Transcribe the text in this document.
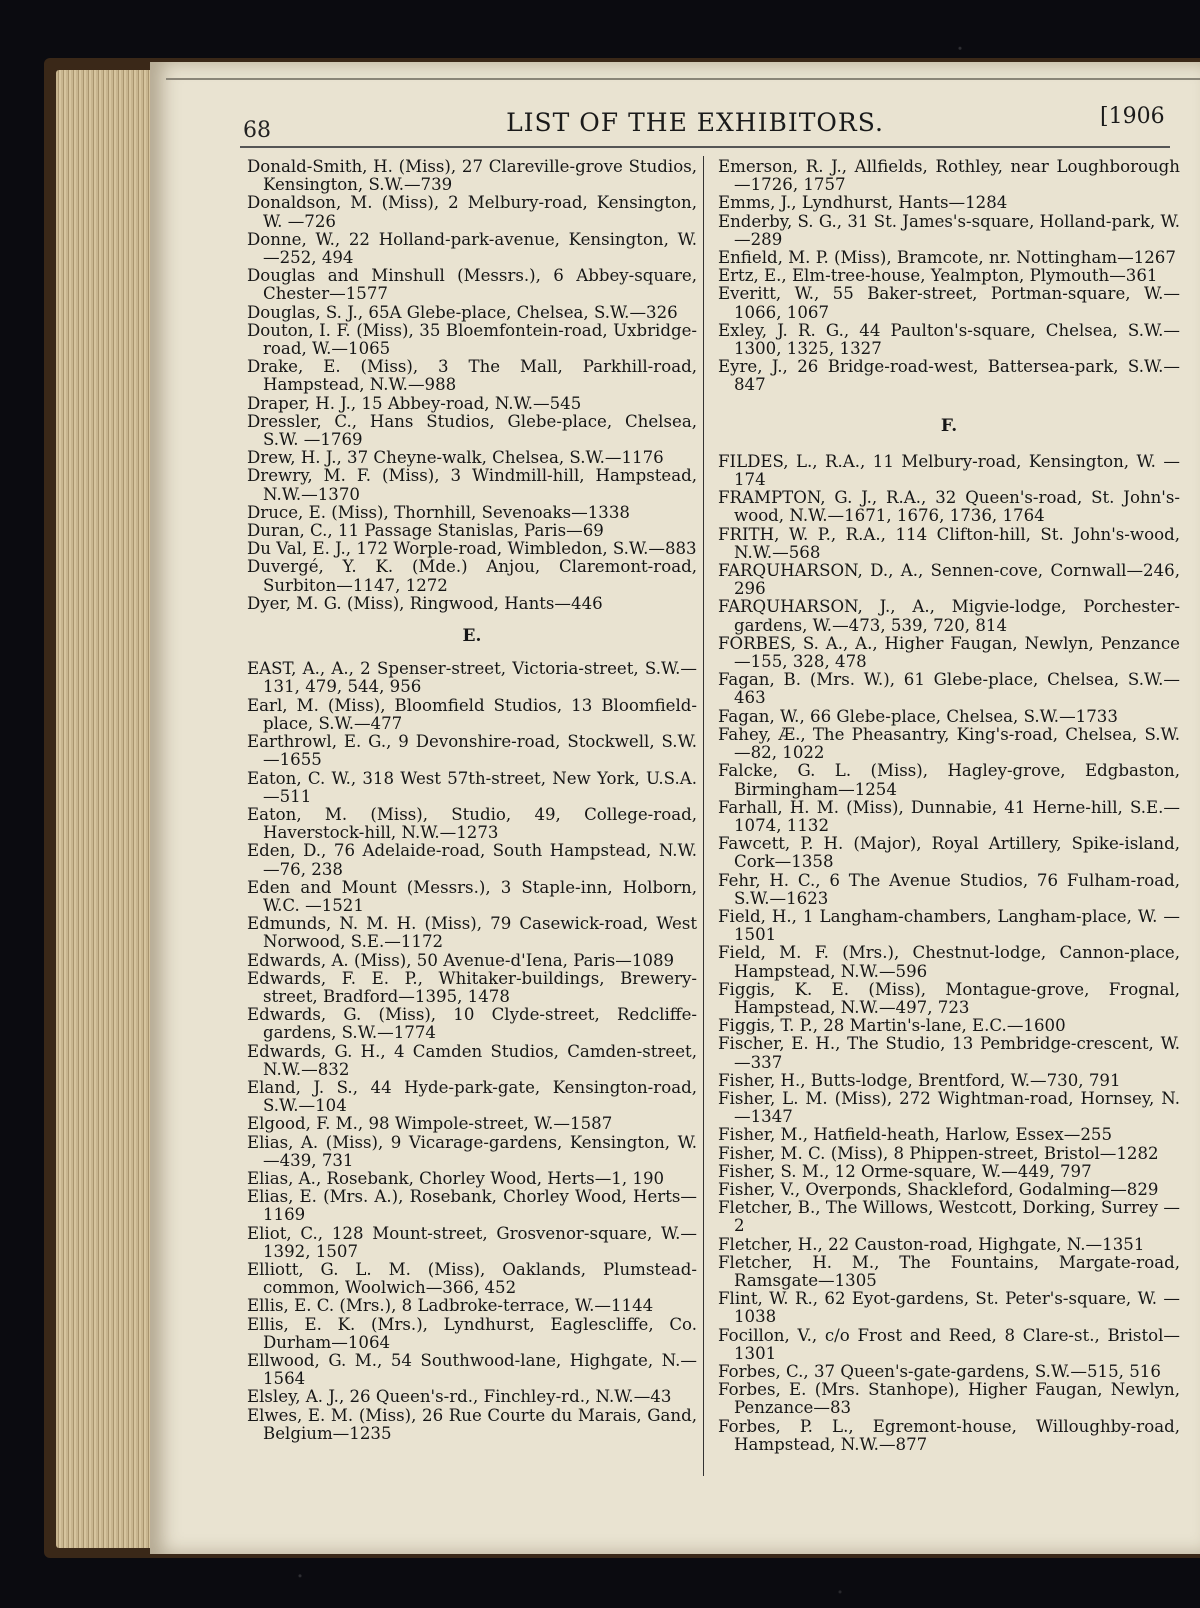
68	LIST OF THE EXHIBITORS.	[1906

Donald-Smith, H. (Miss), 27 Clareville-grove Studios, Kensington, S.W.—739

Donaldson, M. (Miss), 2 Melbury-road, Kensington, W. —726

Donne, W., 22 Holland-park-avenue, Kensington, W. —252, 494

Douglas and Minshull (Messrs.), 6 Abbey-square, Chester—1577

Douglas, S. J., 65A Glebe-place, Chelsea, S.W.—326

Douton, I. F. (Miss), 35 Bloemfontein-road, Uxbridge-road, W.—1065

Drake, E. (Miss), 3 The Mall, Parkhill-road, Hampstead, N.W.—988

Draper, H. J., 15 Abbey-road, N.W.—545

Dressler, C., Hans Studios, Glebe-place, Chelsea, S.W. —1769

Drew, H. J., 37 Cheyne-walk, Chelsea, S.W.—1176

Drewry, M. F. (Miss), 3 Windmill-hill, Hampstead, N.W.—1370

Druce, E. (Miss), Thornhill, Sevenoaks—1338

Duran, C., 11 Passage Stanislas, Paris—69

Du Val, E. J., 172 Worple-road, Wimbledon, S.W.—883

Duvergé, Y. K. (Mde.) Anjou, Claremont-road, Surbiton—1147, 1272

Dyer, M. G. (Miss), Ringwood, Hants—446

E.

EAST, A., A., 2 Spenser-street, Victoria-street, S.W.—131, 479, 544, 956

Earl, M. (Miss), Bloomfield Studios, 13 Bloomfield-place, S.W.—477

Earthrowl, E. G., 9 Devonshire-road, Stockwell, S.W. —1655

Eaton, C. W., 318 West 57th-street, New York, U.S.A. —511

Eaton, M. (Miss), Studio, 49, College-road, Haverstock-hill, N.W.—1273

Eden, D., 76 Adelaide-road, South Hampstead, N.W.—76, 238

Eden and Mount (Messrs.), 3 Staple-inn, Holborn, W.C. —1521

Edmunds, N. M. H. (Miss), 79 Casewick-road, West Norwood, S.E.—1172

Edwards, A. (Miss), 50 Avenue-d'Iena, Paris—1089

Edwards, F. E. P., Whitaker-buildings, Brewery-street, Bradford—1395, 1478

Edwards, G. (Miss), 10 Clyde-street, Redcliffe-gardens, S.W.—1774

Edwards, G. H., 4 Camden Studios, Camden-street, N.W.—832

Eland, J. S., 44 Hyde-park-gate, Kensington-road, S.W.—104

Elgood, F. M., 98 Wimpole-street, W.—1587

Elias, A. (Miss), 9 Vicarage-gardens, Kensington, W.—439, 731

Elias, A., Rosebank, Chorley Wood, Herts—1, 190

Elias, E. (Mrs. A.), Rosebank, Chorley Wood, Herts—1169

Eliot, C., 128 Mount-street, Grosvenor-square, W.—1392, 1507

Elliott, G. L. M. (Miss), Oaklands, Plumstead-common, Woolwich—366, 452

Ellis, E. C. (Mrs.), 8 Ladbroke-terrace, W.—1144

Ellis, E. K. (Mrs.), Lyndhurst, Eaglescliffe, Co. Durham—1064

Ellwood, G. M., 54 Southwood-lane, Highgate, N.—1564

Elsley, A. J., 26 Queen's-rd., Finchley-rd., N.W.—43

Elwes, E. M. (Miss), 26 Rue Courte du Marais, Gand, Belgium—1235

Emerson, R. J., Allfields, Rothley, near Loughborough —1726, 1757

Emms, J., Lyndhurst, Hants—1284

Enderby, S. G., 31 St. James's-square, Holland-park, W.—289

Enfield, M. P. (Miss), Bramcote, nr. Nottingham—1267

Ertz, E., Elm-tree-house, Yealmpton, Plymouth—361

Everitt, W., 55 Baker-street, Portman-square, W.—1066, 1067

Exley, J. R. G., 44 Paulton's-square, Chelsea, S.W.—1300, 1325, 1327

Eyre, J., 26 Bridge-road-west, Battersea-park, S.W.—847

F.

FILDES, L., R.A., 11 Melbury-road, Kensington, W. —174

FRAMPTON, G. J., R.A., 32 Queen's-road, St. John's-wood, N.W.—1671, 1676, 1736, 1764

FRITH, W. P., R.A., 114 Clifton-hill, St. John's-wood, N.W.—568

FARQUHARSON, D., A., Sennen-cove, Cornwall—246, 296

FARQUHARSON, J., A., Migvie-lodge, Porchester-gardens, W.—473, 539, 720, 814

FORBES, S. A., A., Higher Faugan, Newlyn, Penzance —155, 328, 478

Fagan, B. (Mrs. W.), 61 Glebe-place, Chelsea, S.W.—463

Fagan, W., 66 Glebe-place, Chelsea, S.W.—1733

Fahey, Æ., The Pheasantry, King's-road, Chelsea, S.W. —82, 1022

Falcke, G. L. (Miss), Hagley-grove, Edgbaston, Birmingham—1254

Farhall, H. M. (Miss), Dunnabie, 41 Herne-hill, S.E.—1074, 1132

Fawcett, P. H. (Major), Royal Artillery, Spike-island, Cork—1358

Fehr, H. C., 6 The Avenue Studios, 76 Fulham-road, S.W.—1623

Field, H., 1 Langham-chambers, Langham-place, W. —1501

Field, M. F. (Mrs.), Chestnut-lodge, Cannon-place, Hampstead, N.W.—596

Figgis, K. E. (Miss), Montague-grove, Frognal, Hampstead, N.W.—497, 723

Figgis, T. P., 28 Martin's-lane, E.C.—1600

Fischer, E. H., The Studio, 13 Pembridge-crescent, W.—337

Fisher, H., Butts-lodge, Brentford, W.—730, 791

Fisher, L. M. (Miss), 272 Wightman-road, Hornsey, N. —1347

Fisher, M., Hatfield-heath, Harlow, Essex—255

Fisher, M. C. (Miss), 8 Phippen-street, Bristol—1282

Fisher, S. M., 12 Orme-square, W.—449, 797

Fisher, V., Overponds, Shackleford, Godalming—829

Fletcher, B., The Willows, Westcott, Dorking, Surrey —2

Fletcher, H., 22 Causton-road, Highgate, N.—1351

Fletcher, H. M., The Fountains, Margate-road, Ramsgate—1305

Flint, W. R., 62 Eyot-gardens, St. Peter's-square, W. —1038

Focillon, V., c/o Frost and Reed, 8 Clare-st., Bristol—1301

Forbes, C., 37 Queen's-gate-gardens, S.W.—515, 516

Forbes, E. (Mrs. Stanhope), Higher Faugan, Newlyn, Penzance—83

Forbes, P. L., Egremont-house, Willoughby-road, Hampstead, N.W.—877
